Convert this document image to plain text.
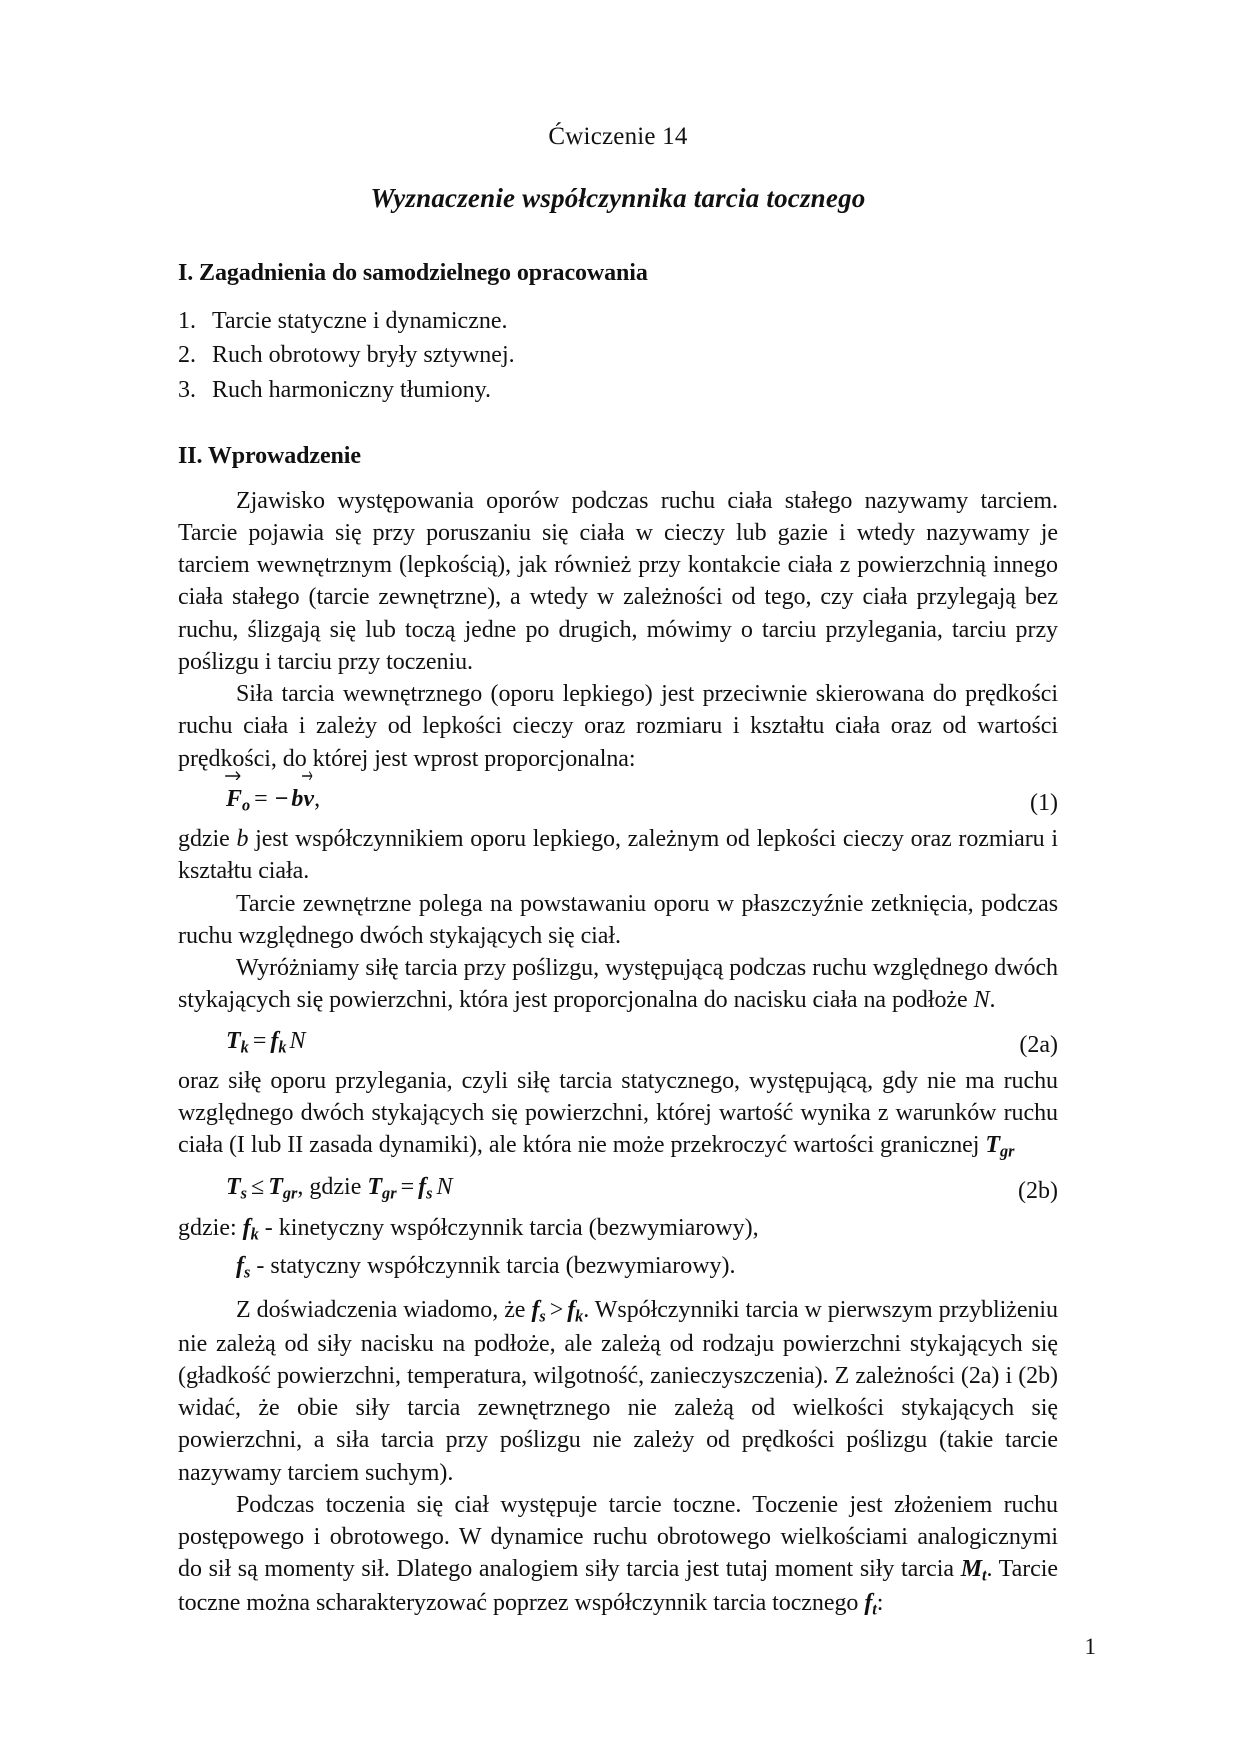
Ćwiczenie 14
Wyznaczenie współczynnika tarcia tocznego
I. Zagadnienia do samodzielnego opracowania
1. Tarcie statyczne i dynamiczne.
2. Ruch obrotowy bryły sztywnej.
3. Ruch harmoniczny tłumiony.
II. Wprowadzenie

Zjawisko występowania oporów podczas ruchu ciała stałego nazywamy tarciem. Tarcie pojawia się przy poruszaniu się ciała w cieczy lub gazie i wtedy nazywamy je tarciem wewnętrznym (lepkością), jak również przy kontakcie ciała z powierzchnią innego ciała stałego (tarcie zewnętrzne), a wtedy w zależności od tego, czy ciała przylegają bez ruchu, ślizgają się lub toczą jedne po drugich, mówimy o tarciu przylegania, tarciu przy poślizgu i tarciu przy toczeniu.

Siła tarcia wewnętrznego (oporu lepkiego) jest przeciwnie skierowana do prędkości ruchu ciała i zależy od lepkości cieczy oraz rozmiaru i kształtu ciała oraz od wartości prędkości, do której jest wprost proporcjonalna:

$F_o$ = − b
v,	(1)

gdzie b jest współczynnikiem oporu lepkiego, zależnym od lepkości cieczy oraz rozmiaru i kształtu ciała.

Tarcie zewnętrzne polega na powstawaniu oporu w płaszczyźnie zetknięcia, podczas ruchu względnego dwóch stykających się ciał.

Wyróżniamy siłę tarcia przy poślizgu, występującą podczas ruchu względnego dwóch stykających się powierzchni, która jest proporcjonalna do nacisku ciała na podłoże N.

$T_k = f_k$ N	(2a)

oraz siłę oporu przylegania, czyli siłę tarcia statycznego, występującą, gdy nie ma ruchu względnego dwóch stykających się powierzchni, której wartość wynika z warunków ruchu ciała (I lub II zasada dynamiki), ale która nie może przekroczyć wartości granicznej $T_{gr}$

$T_s \le T_{gr}$, gdzie $T_{gr} = f_s$ N	(2b)
gdzie: $f_k$ - kinetyczny współczynnik tarcia (bezwymiarowy),
$f_s$ - statyczny współczynnik tarcia (bezwymiarowy).

Z doświadczenia wiadomo, że $f_s > f_k$. Współczynniki tarcia w pierwszym przybliżeniu nie zależą od siły nacisku na podłoże, ale zależą od rodzaju powierzchni stykających się (gładkość powierzchni, temperatura, wilgotność, zanieczyszczenia). Z zależności (2a) i (2b) widać, że obie siły tarcia zewnętrznego nie zależą od wielkości stykających się powierzchni, a siła tarcia przy poślizgu nie zależy od prędkości poślizgu (takie tarcie nazywamy tarciem suchym).

Podczas toczenia się ciał występuje tarcie toczne. Toczenie jest złożeniem ruchu postępowego i obrotowego. W dynamice ruchu obrotowego wielkościami analogicznymi do sił są momenty sił. Dlatego analogiem siły tarcia jest tutaj moment siły tarcia $M_t$. Tarcie toczne można scharakteryzować poprzez współczynnik tarcia tocznego $f_t$:

1
